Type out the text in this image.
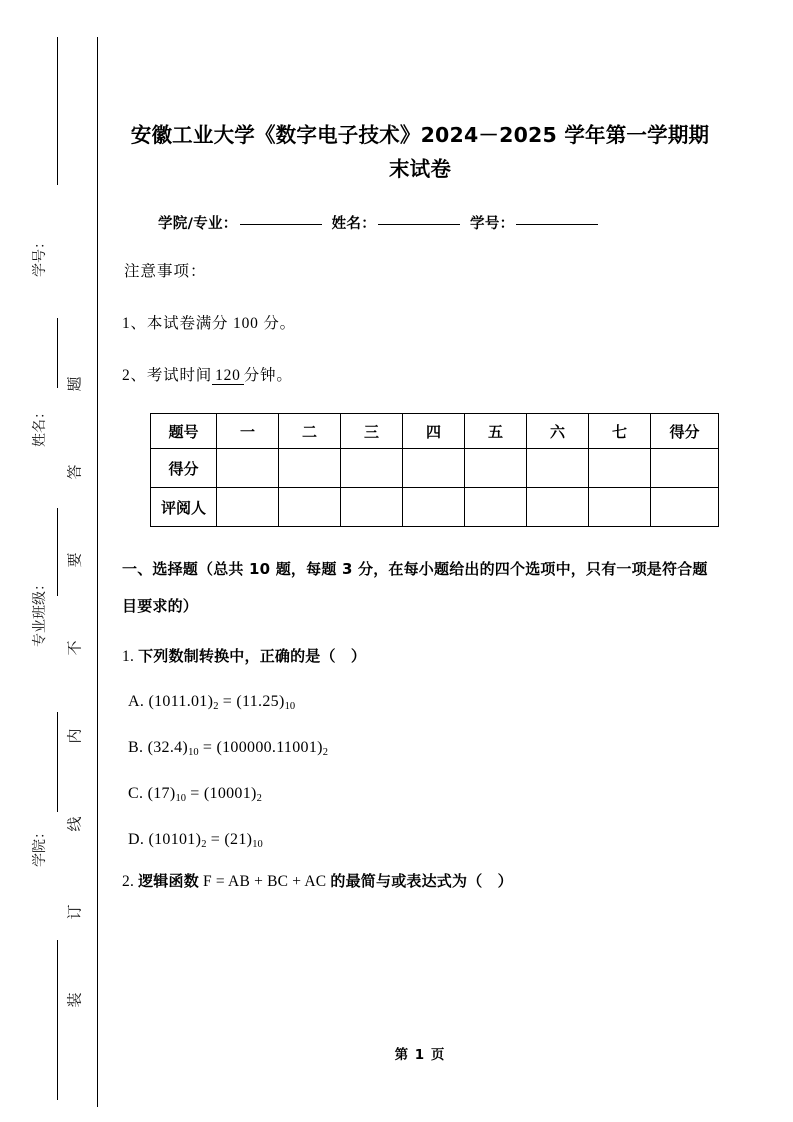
题
答
要
不
内
线
订
装
学号：
姓名：
专业班级：
学院：
安徽工业大学《数字电子技术》2024－2025 学年第一学期期末试卷
学院/专业：	姓名：	学号：

注意事项：

1、本试卷满分 100 分。

2、考试时间 120 分钟。

题号	一	二	三	四	五	六	七	得分
得分								
评阅人								

一、选择题（总共 10 题，每题 3 分，在每小题给出的四个选项中，只有一项是符合题目要求的）

1. 下列数制转换中，正确的是（　）

A. $(1011.01)_2 = (11.25)_{10}$

B. $(32.4)_{10} = (100000.11001)_2$

C. $(17)_{10} = (10001)_2$

D. $(10101)_2 = (21)_{10}$

2. 逻辑函数 F = AB + BC + AC 的最简与或表达式为（　）

第 1 页
